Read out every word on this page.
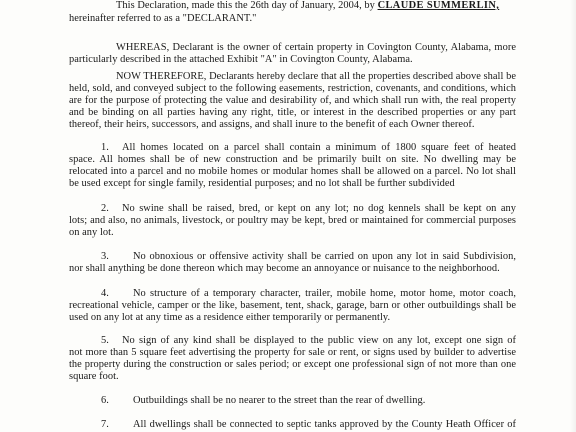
This Declaration, made this the 26th day of January, 2004, by CLAUDE SUMMERLIN,
hereinafter referred to as a "DECLARANT."
WHEREAS, Declarant is the owner of certain property in Covington County, Alabama, more
particularly described in the attached Exhibit "A" in Covington County, Alabama.
NOW THEREFORE, Declarants hereby declare that all the properties described above shall be
held, sold, and conveyed subject to the following easements, restriction, covenants, and conditions, which
are for the purpose of protecting the value and desirability of, and which shall run with, the real property
and be binding on all parties having any right, title, or interest in the described properties or any part
thereof, their heirs, successors, and assigns, and shall inure to the benefit of each Owner thereof.
1. All homes located on a parcel shall contain a minimum of 1800 square feet of heated
space. All homes shall be of new construction and be primarily built on site. No dwelling may be
relocated into a parcel and no mobile homes or modular homes shall be allowed on a parcel. No lot shall
be used except for single family, residential purposes; and no lot shall be further subdivided
2. No swine shall be raised, bred, or kept on any lot; no dog kennels shall be kept on any
lots; and also, no animals, livestock, or poultry may be kept, bred or maintained for commercial purposes
on any lot.
3. No obnoxious or offensive activity shall be carried on upon any lot in said Subdivision,
nor shall anything be done thereon which may become an annoyance or nuisance to the neighborhood.
4. No structure of a temporary character, trailer, mobile home, motor home, motor coach,
recreational vehicle, camper or the like, basement, tent, shack, garage, barn or other outbuildings shall be
used on any lot at any time as a residence either temporarily or permanently.
5. No sign of any kind shall be displayed to the public view on any lot, except one sign of
not more than 5 square feet advertising the property for sale or rent, or signs used by builder to advertise
the property during the construction or sales period; or except one professional sign of not more than one
square foot.
6. Outbuildings shall be no nearer to the street than the rear of dwelling.
7. All dwellings shall be connected to septic tanks approved by the County Heath Officer of
